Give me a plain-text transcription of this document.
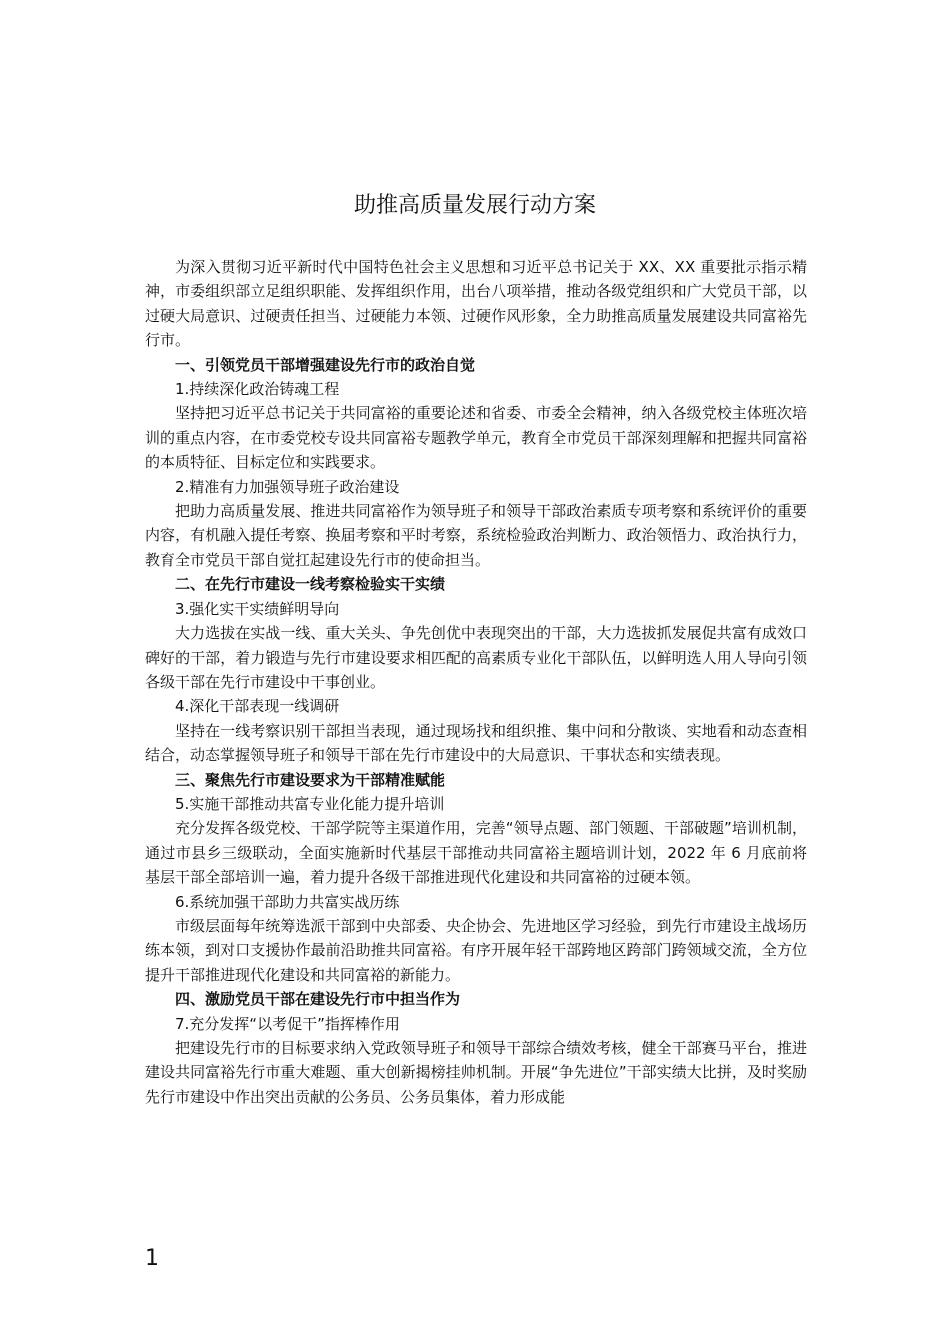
助推高质量发展行动方案

为深入贯彻习近平新时代中国特色社会主义思想和习近平总书记关于 XX、XX 重要批示指示精神，市委组织部立足组织职能、发挥组织作用，出台八项举措，推动各级党组织和广大党员干部，以过硬大局意识、过硬责任担当、过硬能力本领、过硬作风形象，全力助推高质量发展建设共同富裕先行市。

一、引领党员干部增强建设先行市的政治自觉

1.持续深化政治铸魂工程

坚持把习近平总书记关于共同富裕的重要论述和省委、市委全会精神，纳入各级党校主体班次培训的重点内容，在市委党校专设共同富裕专题教学单元，教育全市党员干部深刻理解和把握共同富裕的本质特征、目标定位和实践要求。

2.精准有力加强领导班子政治建设

把助力高质量发展、推进共同富裕作为领导班子和领导干部政治素质专项考察和系统评价的重要内容，有机融入提任考察、换届考察和平时考察，系统检验政治判断力、政治领悟力、政治执行力，教育全市党员干部自觉扛起建设先行市的使命担当。

二、在先行市建设一线考察检验实干实绩

3.强化实干实绩鲜明导向

大力选拔在实战一线、重大关头、争先创优中表现突出的干部，大力选拔抓发展促共富有成效口碑好的干部，着力锻造与先行市建设要求相匹配的高素质专业化干部队伍，以鲜明选人用人导向引领各级干部在先行市建设中干事创业。

4.深化干部表现一线调研

坚持在一线考察识别干部担当表现，通过现场找和组织推、集中问和分散谈、实地看和动态查相结合，动态掌握领导班子和领导干部在先行市建设中的大局意识、干事状态和实绩表现。

三、聚焦先行市建设要求为干部精准赋能

5.实施干部推动共富专业化能力提升培训

充分发挥各级党校、干部学院等主渠道作用，完善“领导点题、部门领题、干部破题”培训机制，通过市县乡三级联动，全面实施新时代基层干部推动共同富裕主题培训计划，2022 年 6 月底前将基层干部全部培训一遍，着力提升各级干部推进现代化建设和共同富裕的过硬本领。

6.系统加强干部助力共富实战历练

市级层面每年统筹选派干部到中央部委、央企协会、先进地区学习经验，到先行市建设主战场历练本领，到对口支援协作最前沿助推共同富裕。有序开展年轻干部跨地区跨部门跨领域交流，全方位提升干部推进现代化建设和共同富裕的新能力。

四、激励党员干部在建设先行市中担当作为

7.充分发挥“以考促干”指挥棒作用

把建设先行市的目标要求纳入党政领导班子和领导干部综合绩效考核，健全干部赛马平台，推进建设共同富裕先行市重大难题、重大创新揭榜挂帅机制。开展“争先进位”干部实绩大比拼，及时奖励先行市建设中作出突出贡献的公务员、公务员集体，着力形成能

1
